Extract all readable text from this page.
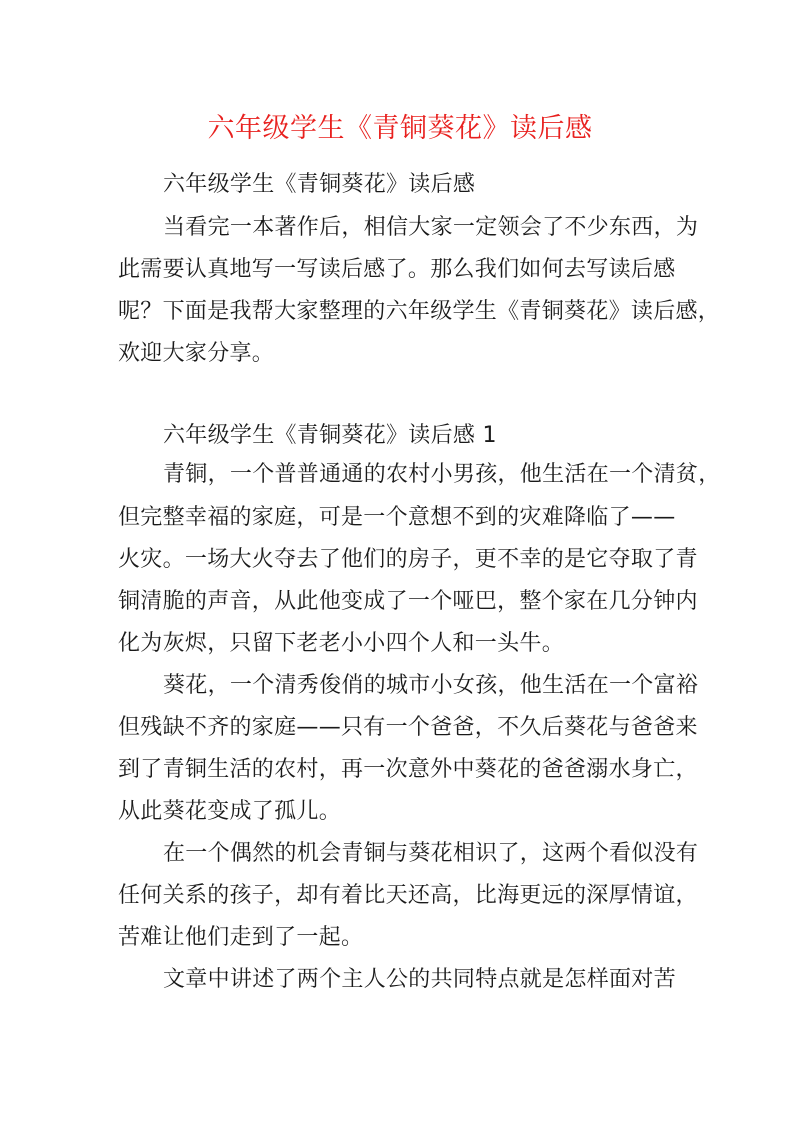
六年级学生《青铜葵花》读后感
六年级学生《青铜葵花》读后感
当看完一本著作后，相信大家一定领会了不少东西，为
此需要认真地写一写读后感了。那么我们如何去写读后感
呢？下面是我帮大家整理的六年级学生《青铜葵花》读后感，
欢迎大家分享。
六年级学生《青铜葵花》读后感 1
青铜，一个普普通通的农村小男孩，他生活在一个清贫，
但完整幸福的家庭，可是一个意想不到的灾难降临了——
火灾。一场大火夺去了他们的房子，更不幸的是它夺取了青
铜清脆的声音，从此他变成了一个哑巴，整个家在几分钟内
化为灰烬，只留下老老小小四个人和一头牛。
葵花，一个清秀俊俏的城市小女孩，他生活在一个富裕
但残缺不齐的家庭——只有一个爸爸，不久后葵花与爸爸来
到了青铜生活的农村，再一次意外中葵花的爸爸溺水身亡，
从此葵花变成了孤儿。
在一个偶然的机会青铜与葵花相识了，这两个看似没有
任何关系的孩子，却有着比天还高，比海更远的深厚情谊，
苦难让他们走到了一起。
文章中讲述了两个主人公的共同特点就是怎样面对苦
